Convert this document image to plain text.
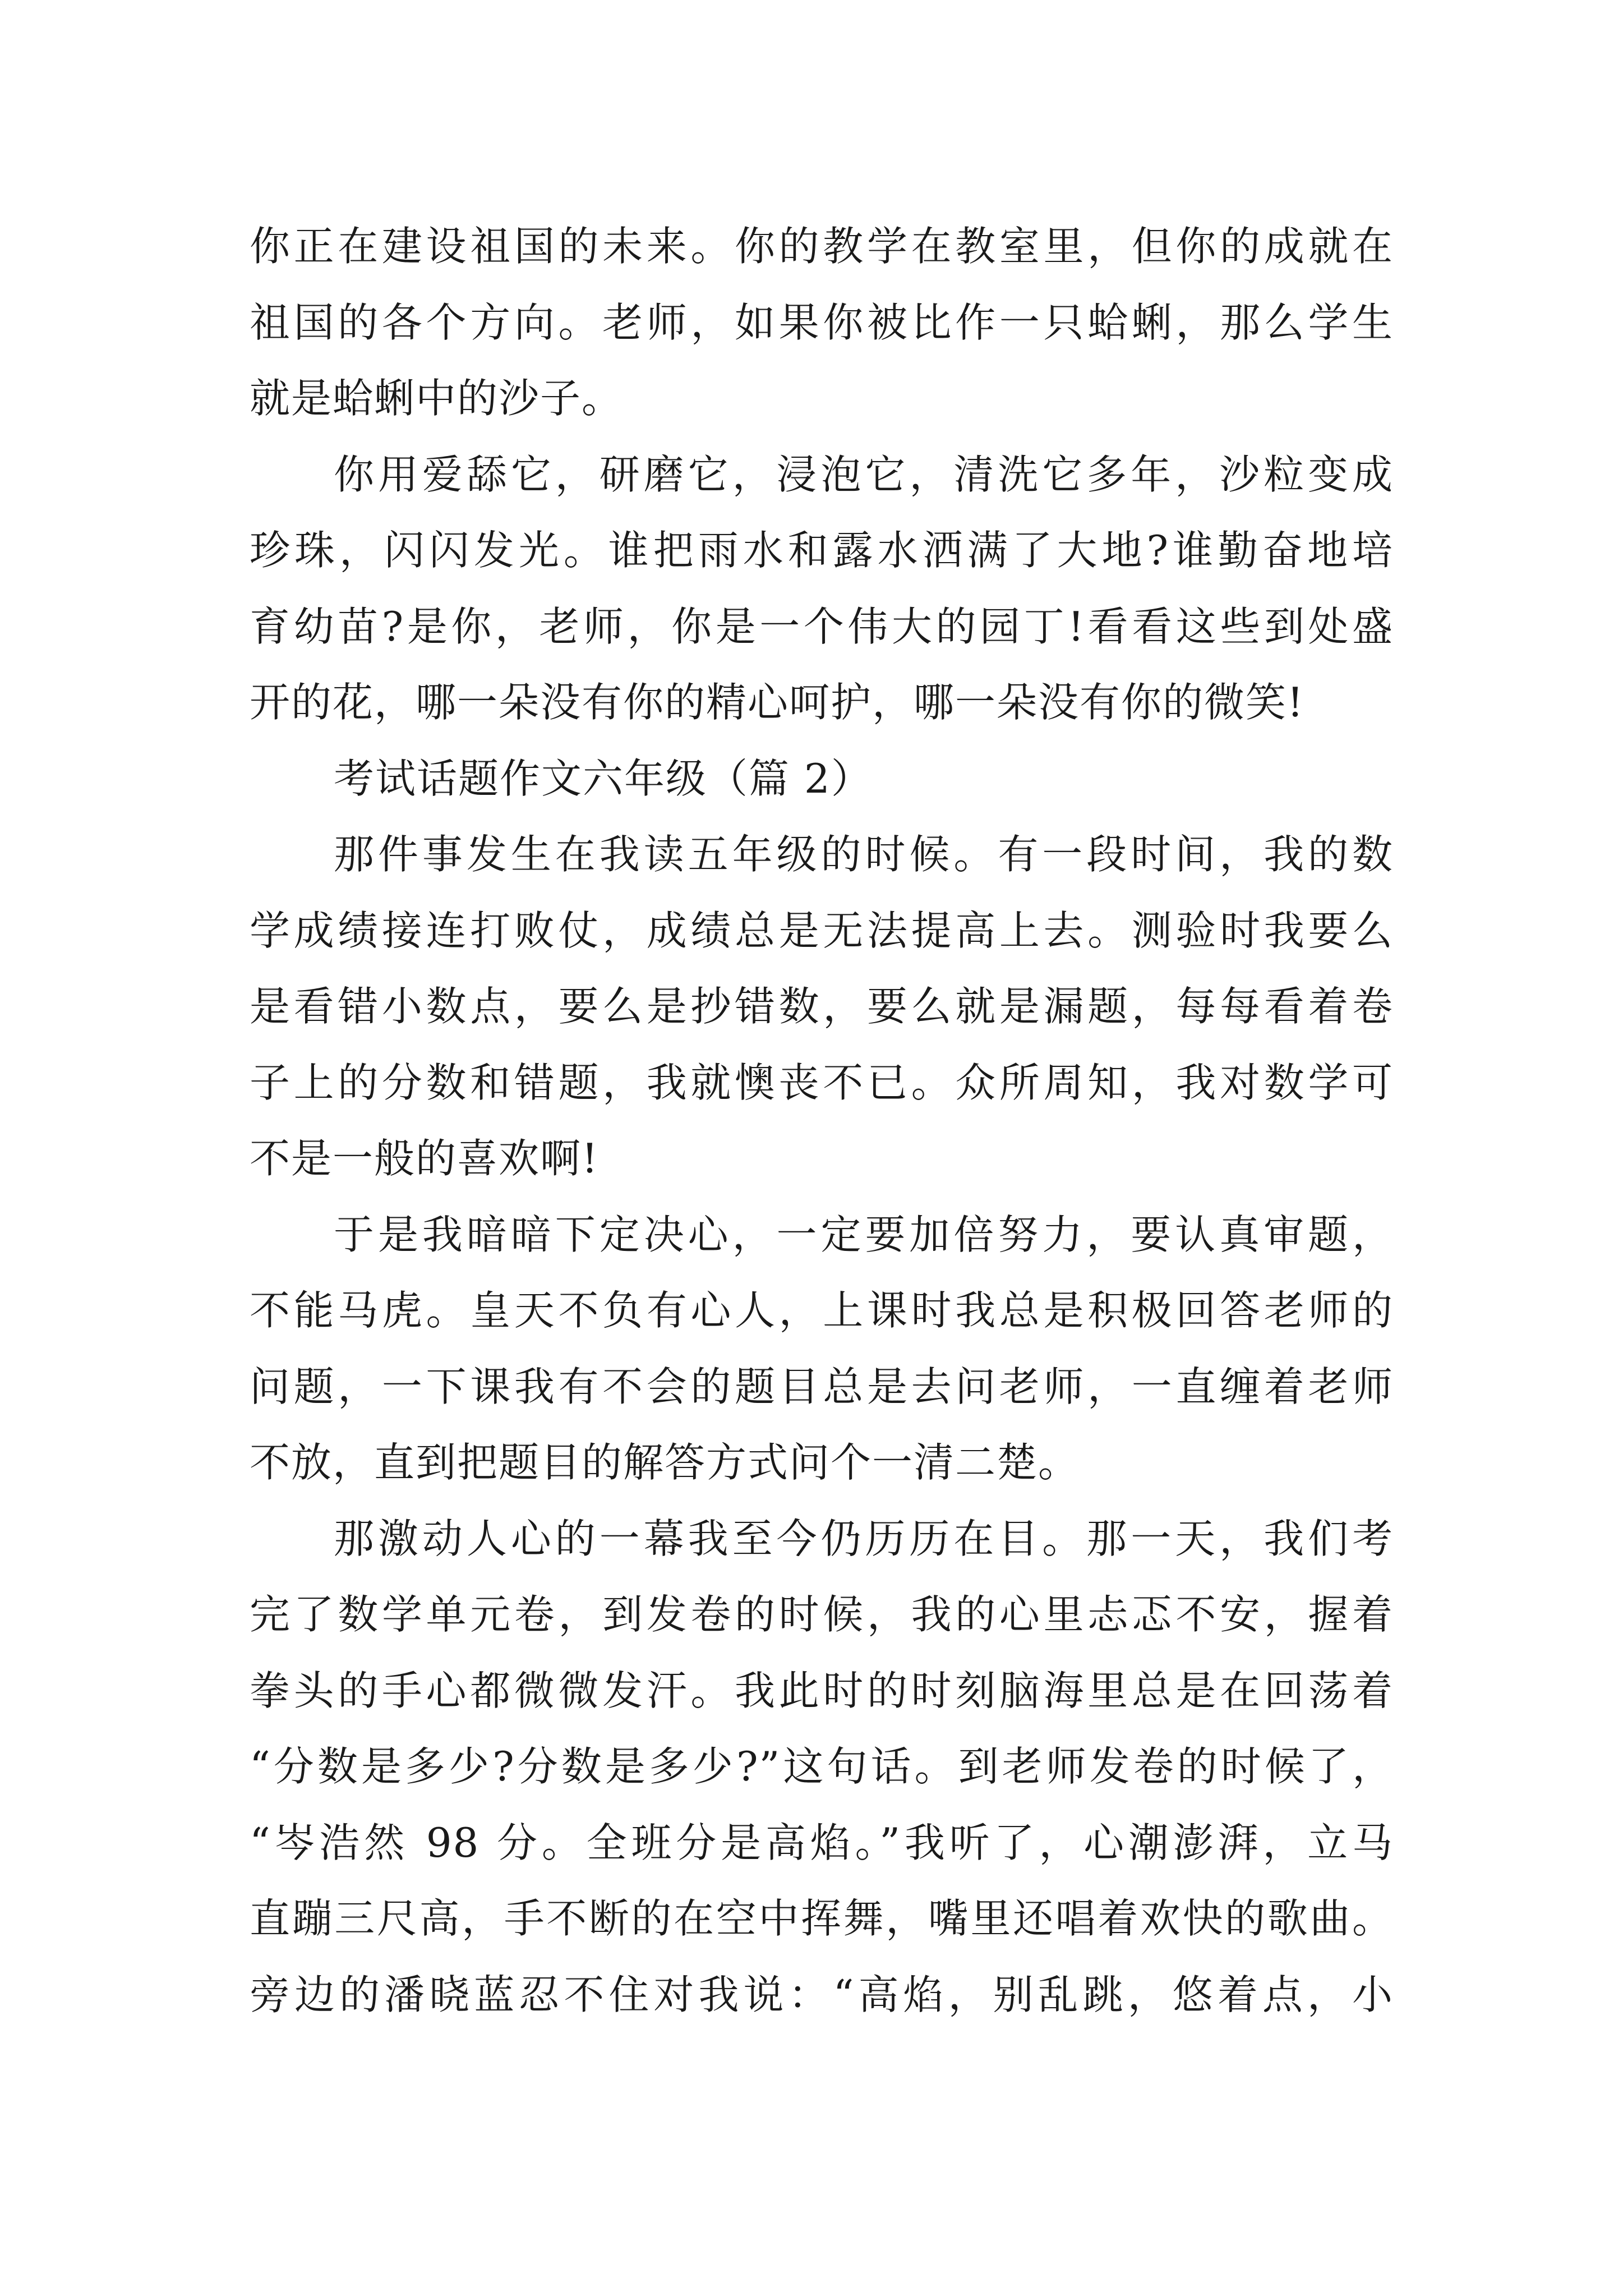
你正在建设祖国的未来。你的教学在教室里，但你的成就在
祖国的各个方向。老师，如果你被比作一只蛤蜊，那么学生
就是蛤蜊中的沙子。
你用爱舔它，研磨它，浸泡它，清洗它多年，沙粒变成
珍珠，闪闪发光。谁把雨水和露水洒满了大地?谁勤奋地培
育幼苗?是你，老师，你是一个伟大的园丁!看看这些到处盛
开的花，哪一朵没有你的精心呵护，哪一朵没有你的微笑!
考试话题作文六年级（篇 2）
那件事发生在我读五年级的时候。有一段时间，我的数
学成绩接连打败仗，成绩总是无法提高上去。测验时我要么
是看错小数点，要么是抄错数，要么就是漏题，每每看着卷
子上的分数和错题，我就懊丧不已。众所周知，我对数学可
不是一般的喜欢啊!
于是我暗暗下定决心，一定要加倍努力，要认真审题，
不能马虎。皇天不负有心人，上课时我总是积极回答老师的
问题，一下课我有不会的题目总是去问老师，一直缠着老师
不放，直到把题目的解答方式问个一清二楚。
那激动人心的一幕我至今仍历历在目。那一天，我们考
完了数学单元卷，到发卷的时候，我的心里忐忑不安，握着
拳头的手心都微微发汗。我此时的时刻脑海里总是在回荡着
“分数是多少?分数是多少?”这句话。到老师发卷的时候了，
“岑浩然 98 分。全班分是高焰。”我听了，心潮澎湃，立马
直蹦三尺高，手不断的在空中挥舞，嘴里还唱着欢快的歌曲。
旁边的潘晓蓝忍不住对我说：“高焰，别乱跳，悠着点，小
